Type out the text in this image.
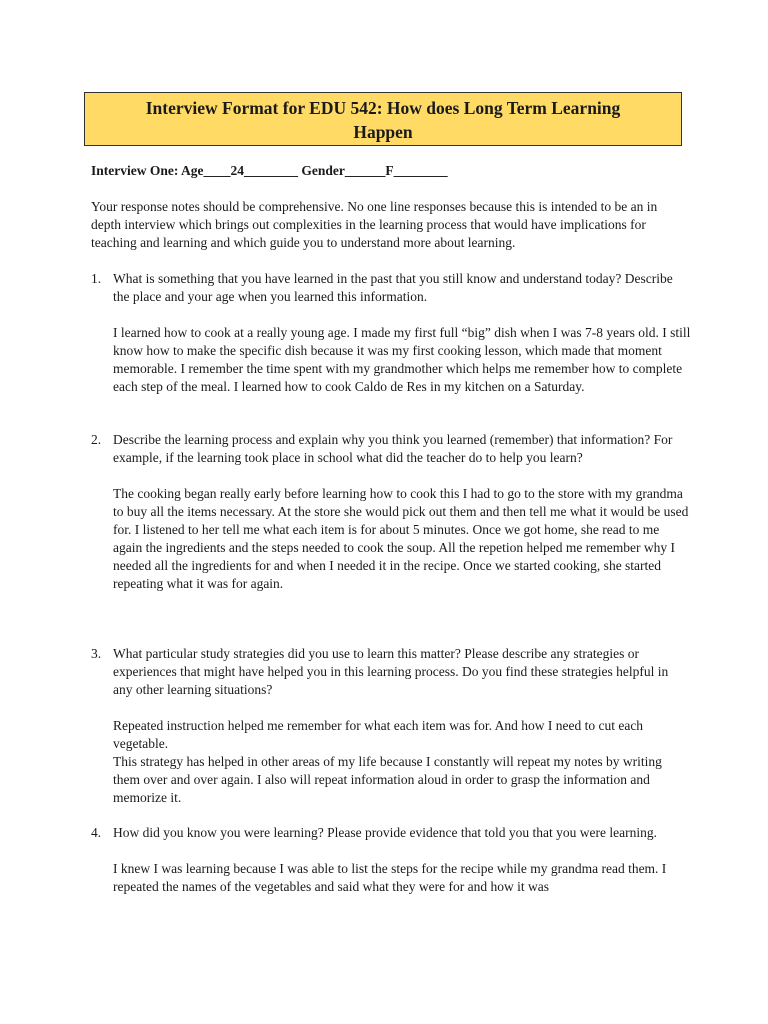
Interview Format for EDU 542: How does Long Term Learning
Happen
Interview One: Age____24________ Gender______F________
Your response notes should be comprehensive. No one line responses because this is intended to be an in depth interview which brings out complexities in the learning process that would have implications for teaching and learning and which guide you to understand more about learning.
1. What is something that you have learned in the past that you still know and understand today? Describe the place and your age when you learned this information.
I learned how to cook at a really young age. I made my first full “big” dish when I was 7-8 years old. I still know how to make the specific dish because it was my first cooking lesson, which made that moment memorable. I remember the time spent with my grandmother which helps me remember how to complete each step of the meal. I learned how to cook Caldo de Res in my kitchen on a Saturday.
2. Describe the learning process and explain why you think you learned (remember) that information? For example, if the learning took place in school what did the teacher do to help you learn?
The cooking began really early before learning how to cook this I had to go to the store with my grandma to buy all the items necessary. At the store she would pick out them and then tell me what it would be used for. I listened to her tell me what each item is for about 5 minutes. Once we got home, she read to me again the ingredients and the steps needed to cook the soup. All the repetion helped me remember why I needed all the ingredients for and when I needed it in the recipe. Once we started cooking, she started repeating what it was for again.
3. What particular study strategies did you use to learn this matter? Please describe any strategies or experiences that might have helped you in this learning process. Do you find these strategies helpful in any other learning situations?
Repeated instruction helped me remember for what each item was for. And how I need to cut each vegetable.
This strategy has helped in other areas of my life because I constantly will repeat my notes by writing them over and over again. I also will repeat information aloud in order to grasp the information and memorize it.
4. How did you know you were learning? Please provide evidence that told you that you were learning.
I knew I was learning because I was able to list the steps for the recipe while my grandma read them. I repeated the names of the vegetables and said what they were for and how it was
